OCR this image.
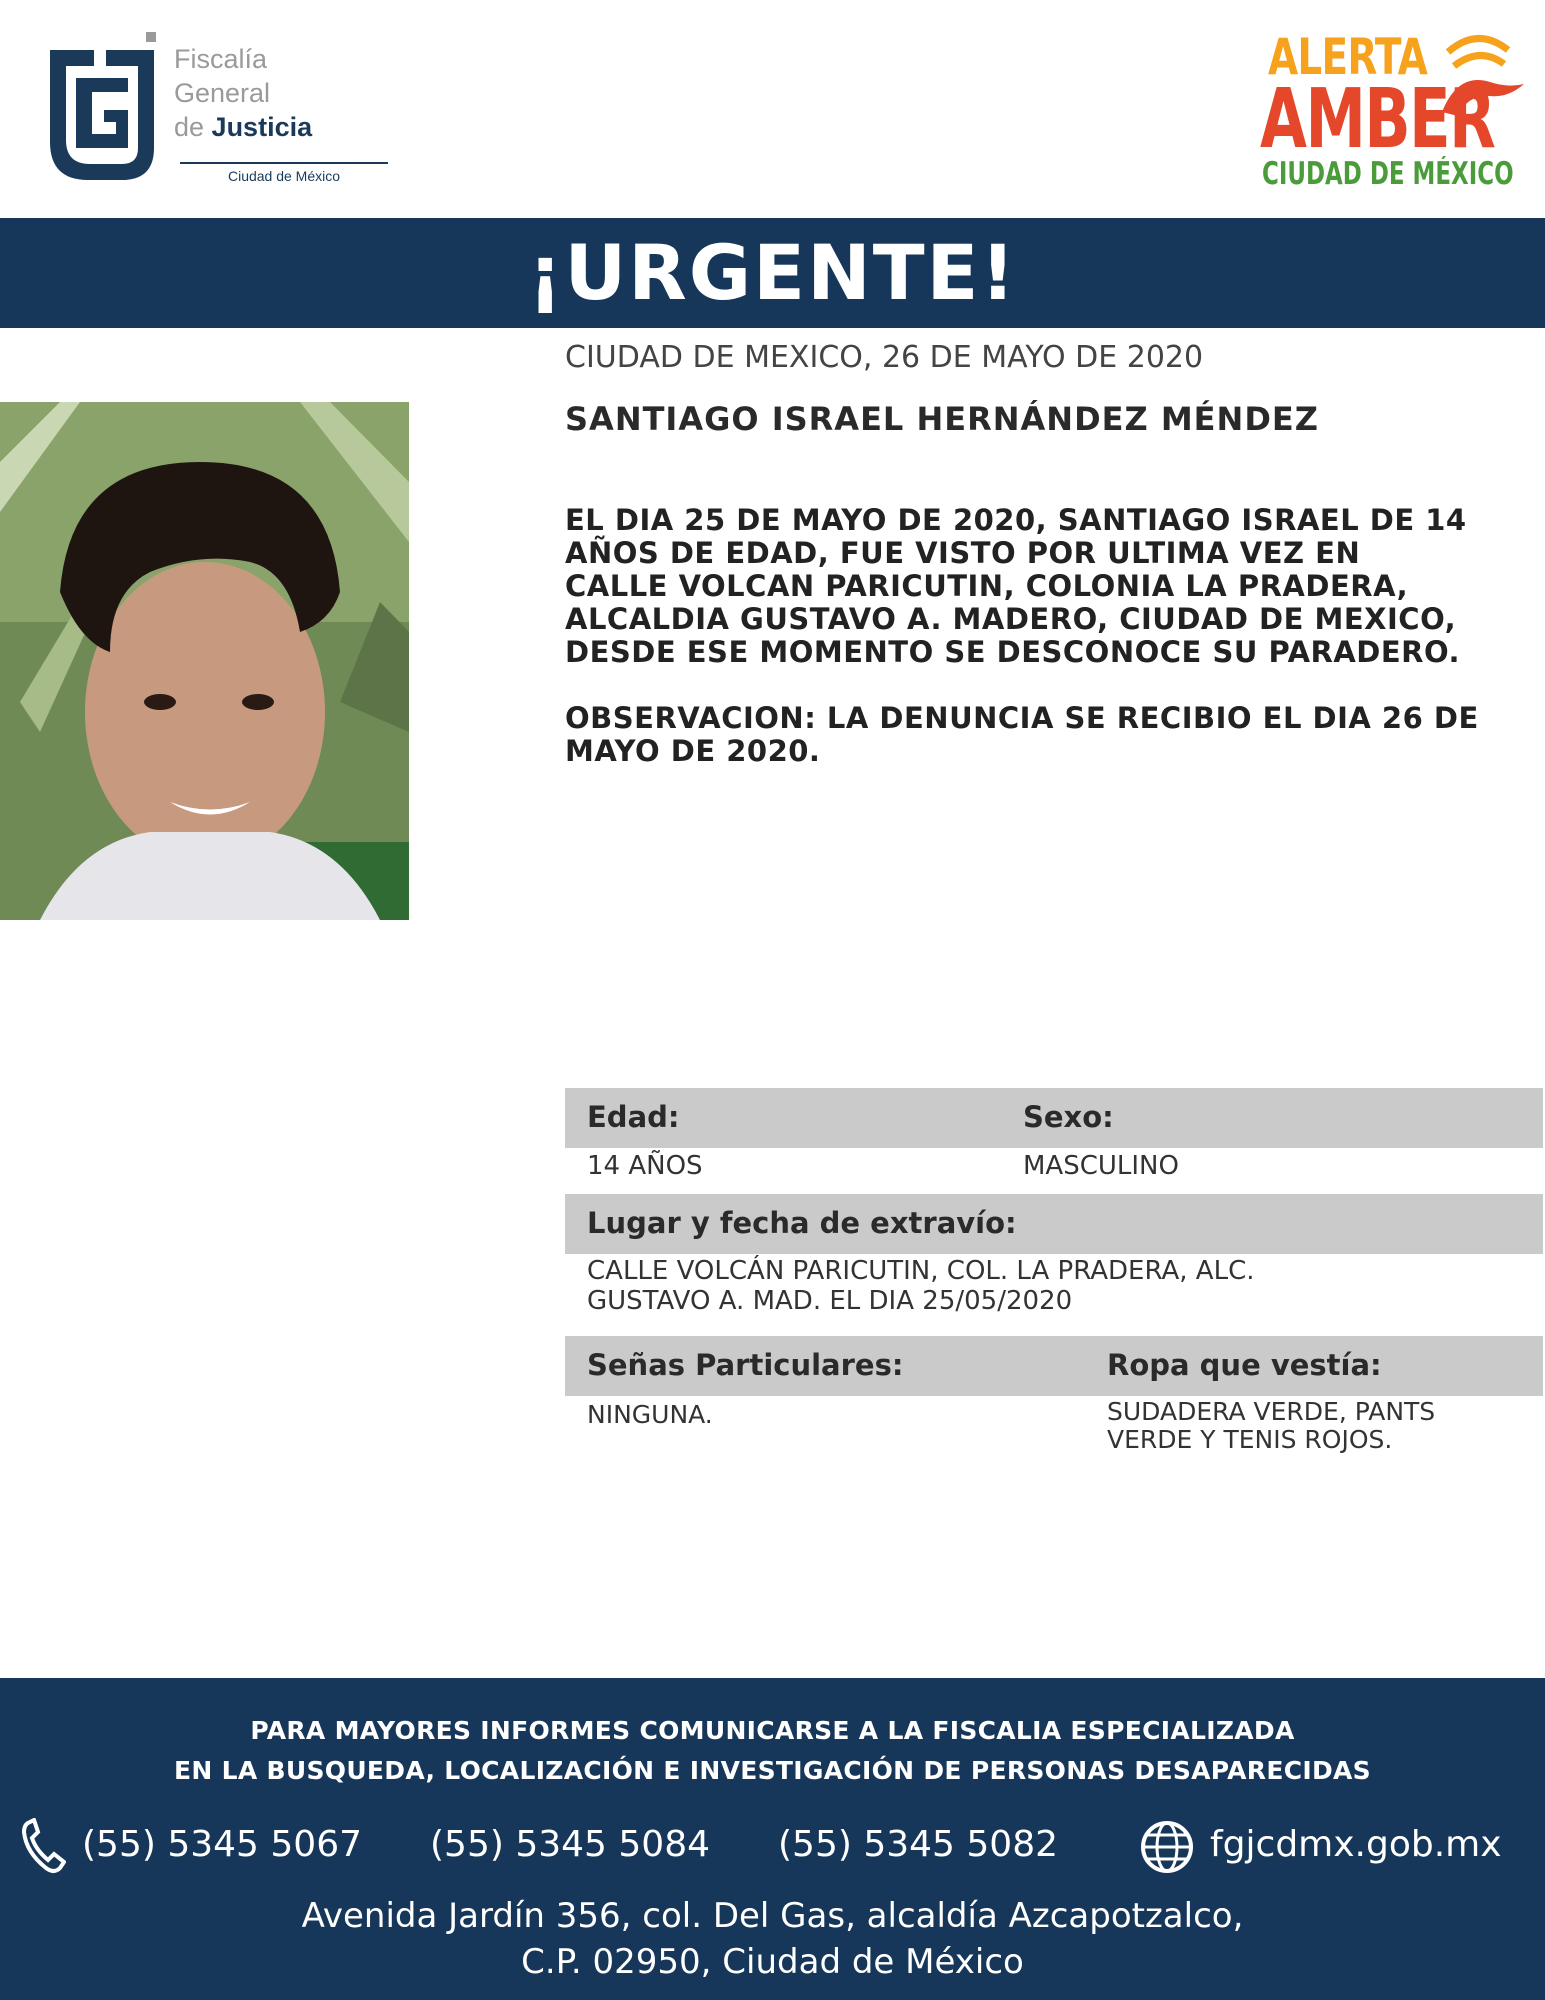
Fiscalía
General
de Justicia
Ciudad de México
ALERTA
AMBER
CIUDAD DE MÉXICO
¡URGENTE!
CIUDAD DE MEXICO, 26 DE MAYO DE 2020
SANTIAGO ISRAEL HERNÁNDEZ MÉNDEZ
EL DIA 25 DE MAYO DE 2020, SANTIAGO ISRAEL DE 14
AÑOS DE EDAD, FUE VISTO POR ULTIMA VEZ EN
CALLE VOLCAN PARICUTIN, COLONIA LA PRADERA,
ALCALDIA GUSTAVO A. MADERO, CIUDAD DE MEXICO,
DESDE ESE MOMENTO SE DESCONOCE SU PARADERO.
OBSERVACION: LA DENUNCIA SE RECIBIO EL DIA 26 DE
MAYO DE 2020.
Edad:	Sexo:
14 AÑOS	MASCULINO
Lugar y fecha de extravío:
CALLE VOLCÁN PARICUTIN, COL. LA PRADERA, ALC.
GUSTAVO A. MAD. EL DIA 25/05/2020
Señas Particulares:	Ropa que vestía:
NINGUNA.	SUDADERA VERDE, PANTS
VERDE Y TENIS ROJOS.
PARA MAYORES INFORMES COMUNICARSE A LA FISCALIA ESPECIALIZADA
EN LA BUSQUEDA, LOCALIZACIÓN E INVESTIGACIÓN DE PERSONAS DESAPARECIDAS
(55) 5345 5067 (55) 5345 5084 (55) 5345 5082	fgjcdmx.gob.mx
Avenida Jardín 356, col. Del Gas, alcaldía Azcapotzalco,
C.P. 02950, Ciudad de México
